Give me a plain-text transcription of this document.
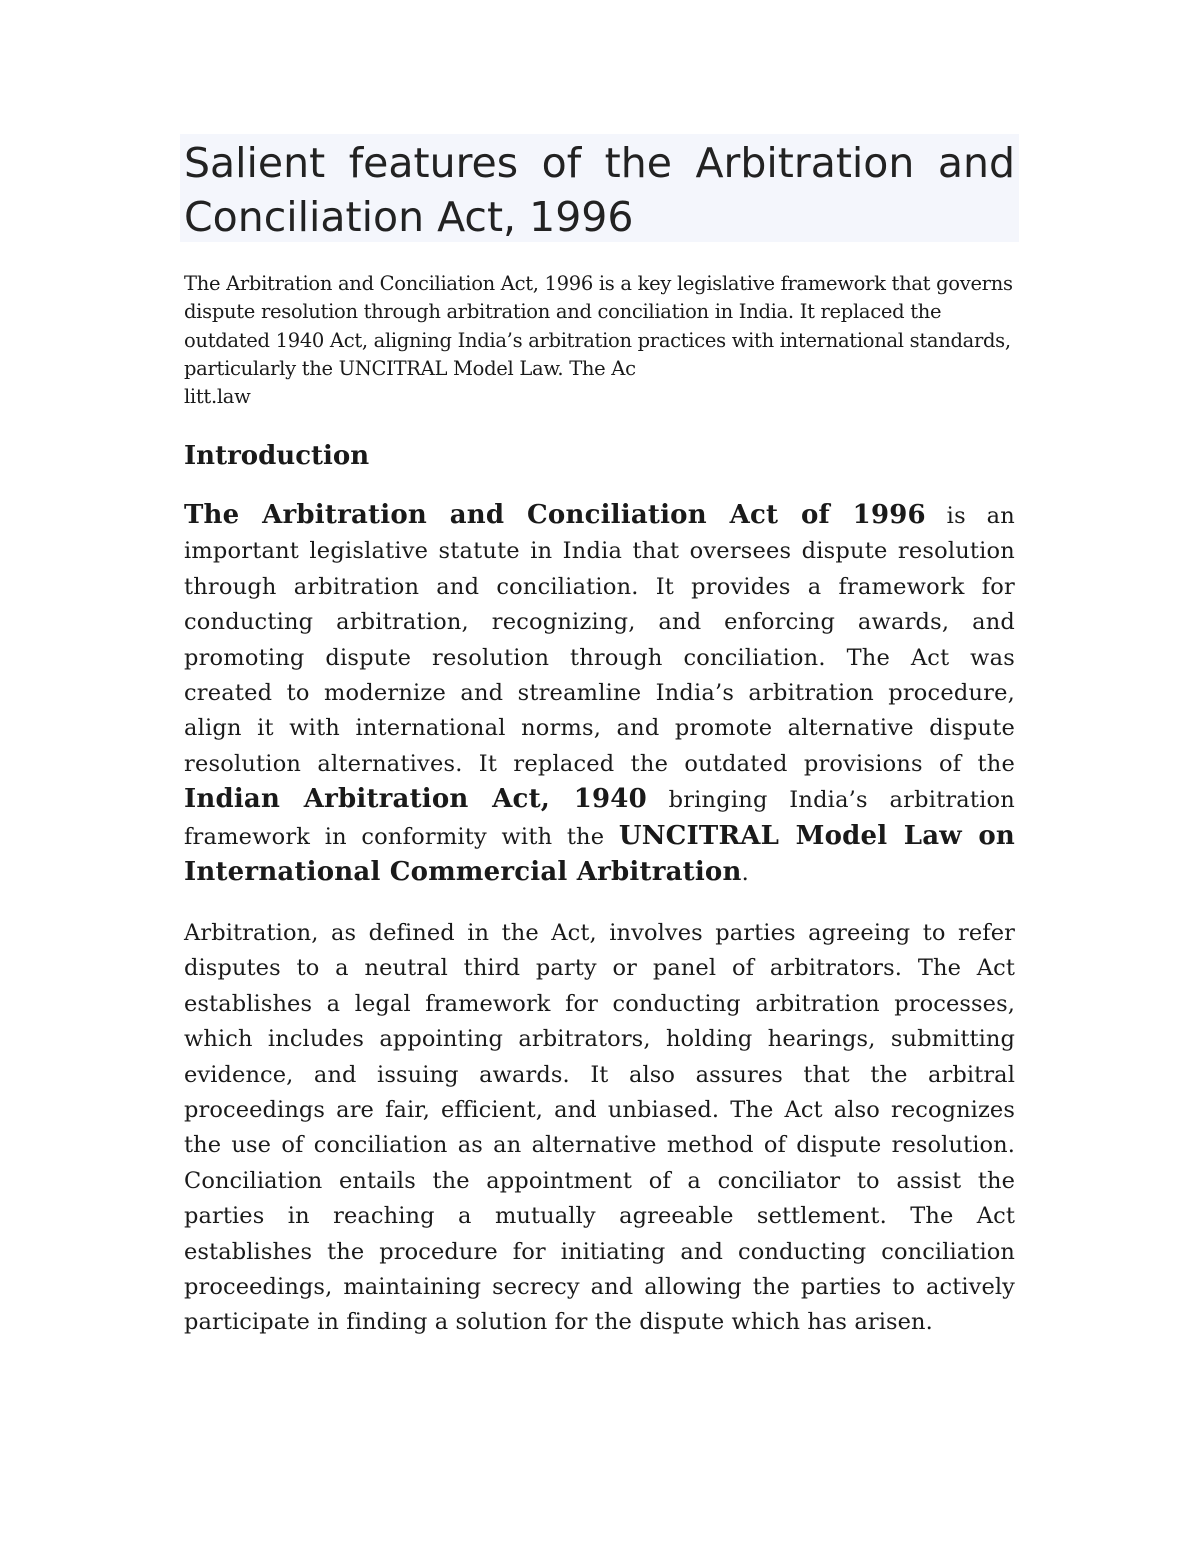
Salient features of the Arbitration and
Conciliation Act, 1996

The Arbitration and Conciliation Act, 1996 is a key legislative framework that governs dispute resolution through arbitration and conciliation in India. It replaced the outdated 1940 Act, aligning India’s arbitration practices with international standards, particularly the UNCITRAL Model Law. The Ac
litt.law

Introduction

The Arbitration and Conciliation Act of 1996 is an important legislative statute in India that oversees dispute resolution through arbitration and conciliation. It provides a framework for conducting arbitration, recognizing, and enforcing awards, and promoting dispute resolution through conciliation. The Act was created to modernize and streamline India’s arbitration procedure, align it with international norms, and promote alternative dispute resolution alternatives. It replaced the outdated provisions of the Indian Arbitration Act, 1940 bringing India’s arbitration framework in conformity with the UNCITRAL Model Law on International Commercial Arbitration.

Arbitration, as defined in the Act, involves parties agreeing to refer disputes to a neutral third party or panel of arbitrators. The Act establishes a legal framework for conducting arbitration processes, which includes appointing arbitrators, holding hearings, submitting evidence, and issuing awards. It also assures that the arbitral proceedings are fair, efficient, and unbiased. The Act also recognizes the use of conciliation as an alternative method of dispute resolution. Conciliation entails the appointment of a conciliator to assist the parties in reaching a mutually agreeable settlement. The Act establishes the procedure for initiating and conducting conciliation proceedings, maintaining secrecy and allowing the parties to actively participate in finding a solution for the dispute which has arisen.
